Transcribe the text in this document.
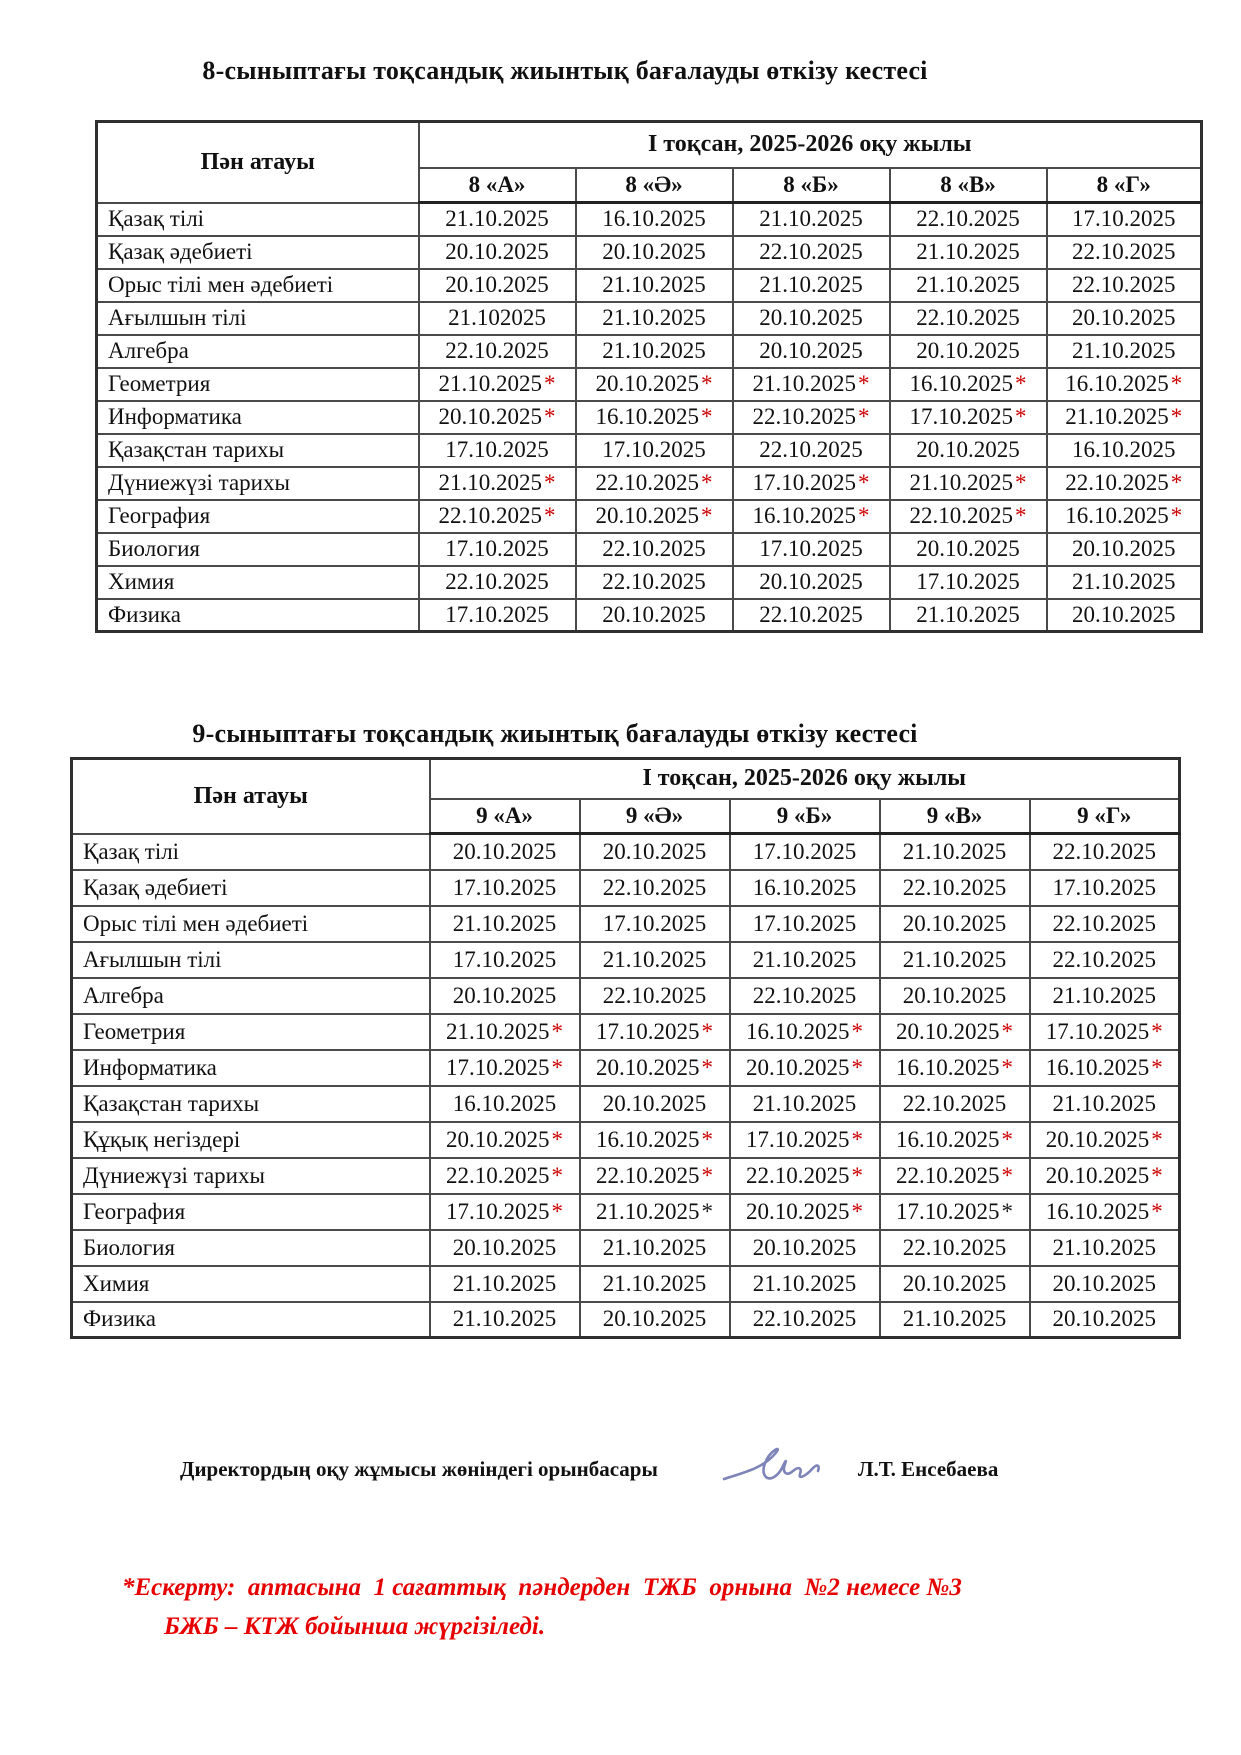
8-сыныптағы тоқсандық жиынтық бағалауды өткізу кестесі
Пән атауы	І тоқсан, 2025-2026 оқу жылы				
	8 «А»	8 «Ә»	8 «Б»	8 «В»	8 «Г»
Қазақ тілі	21.10.2025	16.10.2025	21.10.2025	22.10.2025	17.10.2025
Қазақ әдебиеті	20.10.2025	20.10.2025	22.10.2025	21.10.2025	22.10.2025
Орыс тілі мен әдебиеті	20.10.2025	21.10.2025	21.10.2025	21.10.2025	22.10.2025
Ағылшын тілі	21.102025	21.10.2025	20.10.2025	22.10.2025	20.10.2025
Алгебра	22.10.2025	21.10.2025	20.10.2025	20.10.2025	21.10.2025
Геометрия	21.10.2025*	20.10.2025*	21.10.2025*	16.10.2025*	16.10.2025*
Информатика	20.10.2025*	16.10.2025*	22.10.2025*	17.10.2025*	21.10.2025*
Қазақстан тарихы	17.10.2025	17.10.2025	22.10.2025	20.10.2025	16.10.2025
Дүниежүзі тарихы	21.10.2025*	22.10.2025*	17.10.2025*	21.10.2025*	22.10.2025*
География	22.10.2025*	20.10.2025*	16.10.2025*	22.10.2025*	16.10.2025*
Биология	17.10.2025	22.10.2025	17.10.2025	20.10.2025	20.10.2025
Химия	22.10.2025	22.10.2025	20.10.2025	17.10.2025	21.10.2025
Физика	17.10.2025	20.10.2025	22.10.2025	21.10.2025	20.10.2025
9-сыныптағы тоқсандық жиынтық бағалауды өткізу кестесі
Пән атауы	І тоқсан, 2025-2026 оқу жылы				
	9 «А»	9 «Ә»	9 «Б»	9 «В»	9 «Г»
Қазақ тілі	20.10.2025	20.10.2025	17.10.2025	21.10.2025	22.10.2025
Қазақ әдебиеті	17.10.2025	22.10.2025	16.10.2025	22.10.2025	17.10.2025
Орыс тілі мен әдебиеті	21.10.2025	17.10.2025	17.10.2025	20.10.2025	22.10.2025
Ағылшын тілі	17.10.2025	21.10.2025	21.10.2025	21.10.2025	22.10.2025
Алгебра	20.10.2025	22.10.2025	22.10.2025	20.10.2025	21.10.2025
Геометрия	21.10.2025*	17.10.2025*	16.10.2025*	20.10.2025*	17.10.2025*
Информатика	17.10.2025*	20.10.2025*	20.10.2025*	16.10.2025*	16.10.2025*
Қазақстан тарихы	16.10.2025	20.10.2025	21.10.2025	22.10.2025	21.10.2025
Құқық негіздері	20.10.2025*	16.10.2025*	17.10.2025*	16.10.2025*	20.10.2025*
Дүниежүзі тарихы	22.10.2025*	22.10.2025*	22.10.2025*	22.10.2025*	20.10.2025*
География	17.10.2025*	21.10.2025*	20.10.2025*	17.10.2025*	16.10.2025*
Биология	20.10.2025	21.10.2025	20.10.2025	22.10.2025	21.10.2025
Химия	21.10.2025	21.10.2025	21.10.2025	20.10.2025	20.10.2025
Физика	21.10.2025	20.10.2025	22.10.2025	21.10.2025	20.10.2025
Директордың оқу жұмысы жөніндегі орынбасары	Л.Т. Енсебаева
*Ескерту:  аптасына  1 сағаттық  пәндерден  ТЖБ  орнына  №2 немесе №3
БЖБ – КТЖ бойынша жүргізіледі.
